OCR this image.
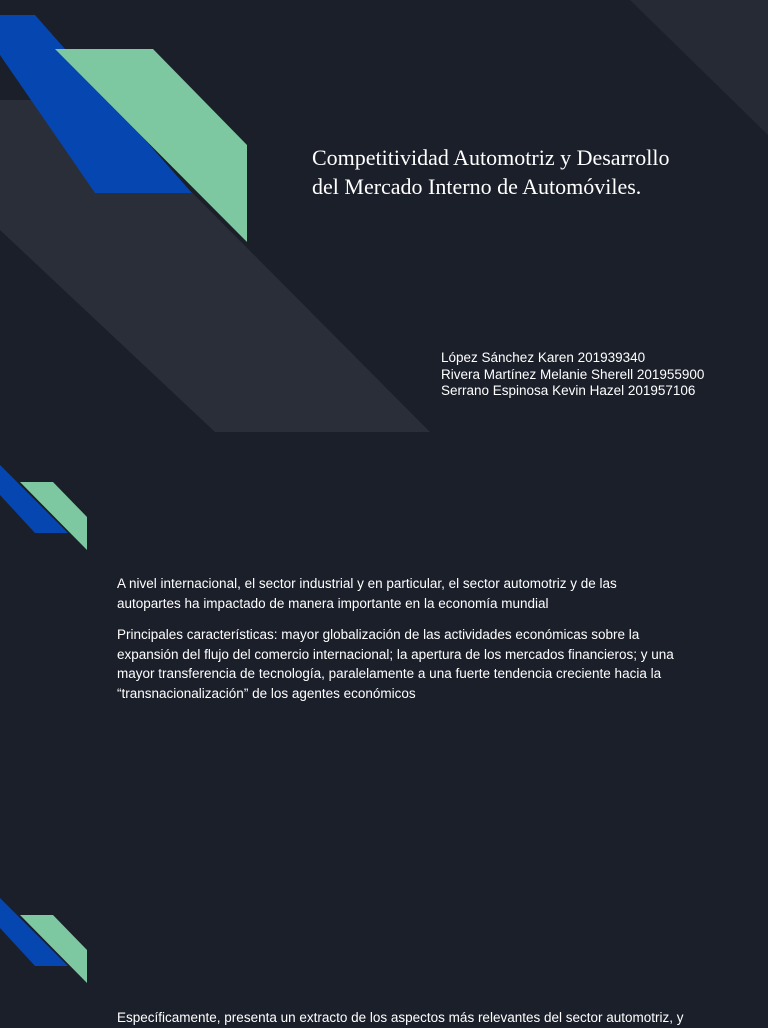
Competitividad Automotriz y Desarrollo
del Mercado Interno de Automóviles.
López Sánchez Karen 201939340
Rivera Martínez Melanie Sherell 201955900
Serrano Espinosa Kevin Hazel 201957106

A nivel internacional, el sector industrial y en particular, el sector automotriz y de las
autopartes ha impactado de manera importante en la economía mundial

Principales características: mayor globalización de las actividades económicas sobre la
expansión del flujo del comercio internacional; la apertura de los mercados financieros; y una
mayor transferencia de tecnología, paralelamente a una fuerte tendencia creciente hacia la
“transnacionalización” de los agentes económicos

Específicamente, presenta un extracto de los aspectos más relevantes del sector automotriz, y
